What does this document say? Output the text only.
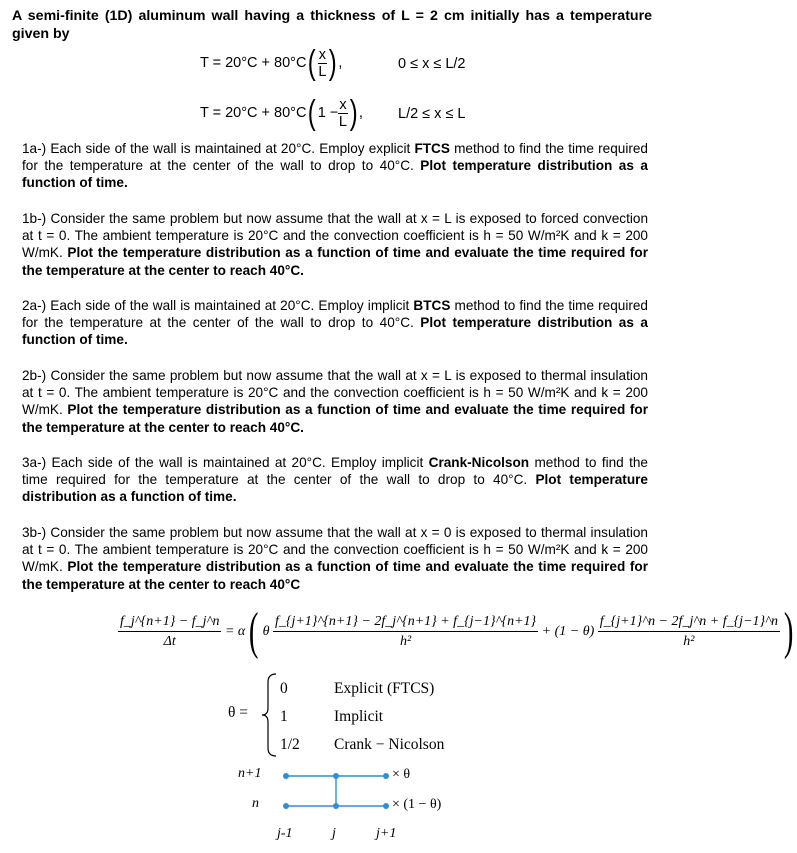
A semi-finite (1D) aluminum wall having a thickness of L = 2 cm initially has a temperature given by
$T = 20^\circ C + 80^\circ C( \frac{x}{L}$ ) ,	0 ≤ x ≤ L/2
T = 20°C + 80°C( $1 - \frac{x}{L}$ ) , L/2 ≤ x ≤ L
1a-) Each side of the wall is maintained at 20°C. Employ explicit FTCS method to find the time required for the temperature at the center of the wall to drop to 40°C. Plot temperature distribution as a function of time.
1b-) Consider the same problem but now assume that the wall at x = L is exposed to forced convection at t = 0. The ambient temperature is 20°C and the convection coefficient is h = 50 W/m²K and k = 200 W/mK. Plot the temperature distribution as a function of time and evaluate the time required for the temperature at the center to reach 40°C.
2a-) Each side of the wall is maintained at 20°C. Employ implicit BTCS method to find the time required for the temperature at the center of the wall to drop to 40°C. Plot temperature distribution as a function of time.
2b-) Consider the same problem but now assume that the wall at x = L is exposed to thermal insulation at t = 0. The ambient temperature is 20°C and the convection coefficient is h = 50 W/m²K and k = 200 W/mK. Plot the temperature distribution as a function of time and evaluate the time required for the temperature at the center to reach 40°C.
3a-) Each side of the wall is maintained at 20°C. Employ implicit Crank-Nicolson method to find the time required for the temperature at the center of the wall to drop to 40°C. Plot temperature distribution as a function of time.
3b-) Consider the same problem but now assume that the wall at x = 0 is exposed to thermal insulation at t = 0. The ambient temperature is 20°C and the convection coefficient is h = 50 W/m²K and k = 200 W/mK. Plot the temperature distribution as a function of time and evaluate the time required for the temperature at the center to reach 40°C
$\frac{f\_j\^{}\{n+1\} - f\_j\^{}n}{\Delta t} = \alpha$( θ $\frac{f\_\{j+1\}\^{}\{n+1\} - 2f\_j\^{}\{n+1\} + f\_\{j-1\}\^{}\{n+1\}}{\text{h²}} + (1 - \theta) \frac{f\_\{j+1\}\^{}n - 2f\_j\^{}n + f\_\{j-1\}\^{}n}{\text{h²}}$ )
θ =
0	Explicit (FTCS)
1	Implicit
1/2 Crank − Nicolson
n+1
n
× θ
× (1 − θ)
j-1	j	j+1
